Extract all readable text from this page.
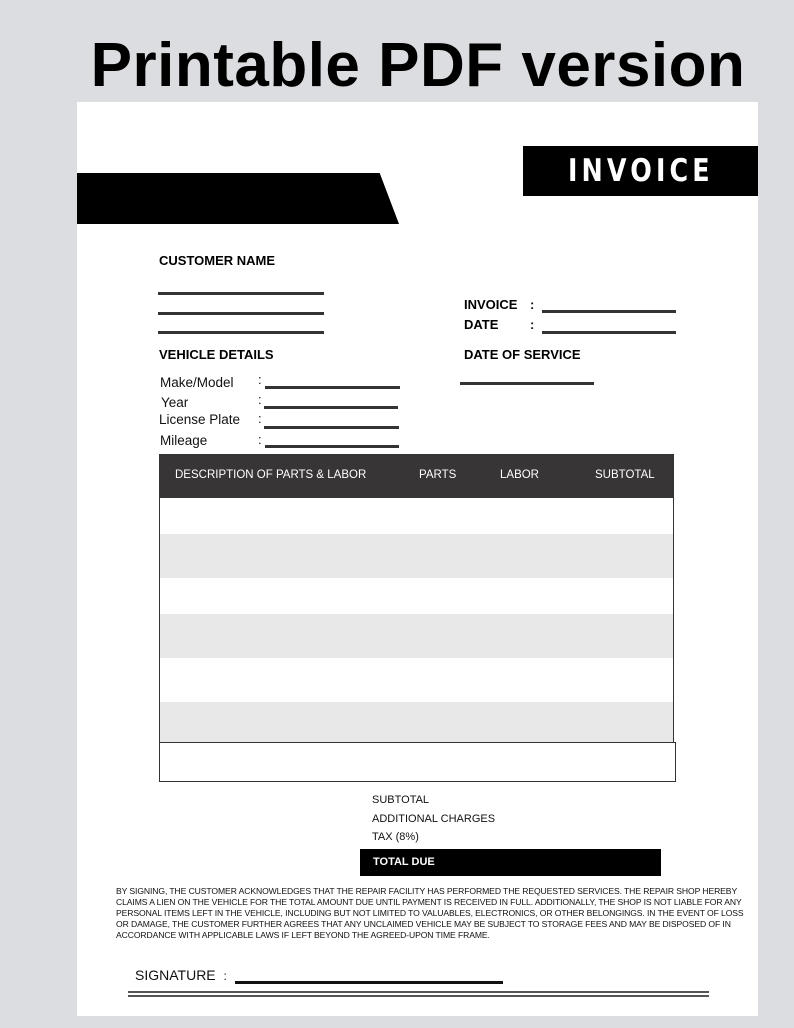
Printable PDF version
INVOICE
CUSTOMER NAME
INVOICE :
DATE :
VEHICLE DETAILS	DATE OF SERVICE
Make/Model :
Year	:
License Plate :
Mileage	:
DESCRIPTION OF PARTS & LABOR	PARTS	LABOR	SUBTOTAL
SUBTOTAL
ADDITIONAL CHARGES
TAX (8%)
TOTAL DUE
BY SIGNING, THE CUSTOMER ACKNOWLEDGES THAT THE REPAIR FACILITY HAS PERFORMED THE REQUESTED SERVICES. THE REPAIR SHOP HEREBY CLAIMS A LIEN ON THE VEHICLE FOR THE TOTAL AMOUNT DUE UNTIL PAYMENT IS RECEIVED IN FULL. ADDITIONALLY, THE SHOP IS NOT LIABLE FOR ANY PERSONAL ITEMS LEFT IN THE VEHICLE, INCLUDING BUT NOT LIMITED TO VALUABLES, ELECTRONICS, OR OTHER BELONGINGS. IN THE EVENT OF LOSS OR DAMAGE, THE CUSTOMER FURTHER AGREES THAT ANY UNCLAIMED VEHICLE MAY BE SUBJECT TO STORAGE FEES AND MAY BE DISPOSED OF IN ACCORDANCE WITH APPLICABLE LAWS IF LEFT BEYOND THE AGREED-UPON TIME FRAME.
SIGNATURE :
